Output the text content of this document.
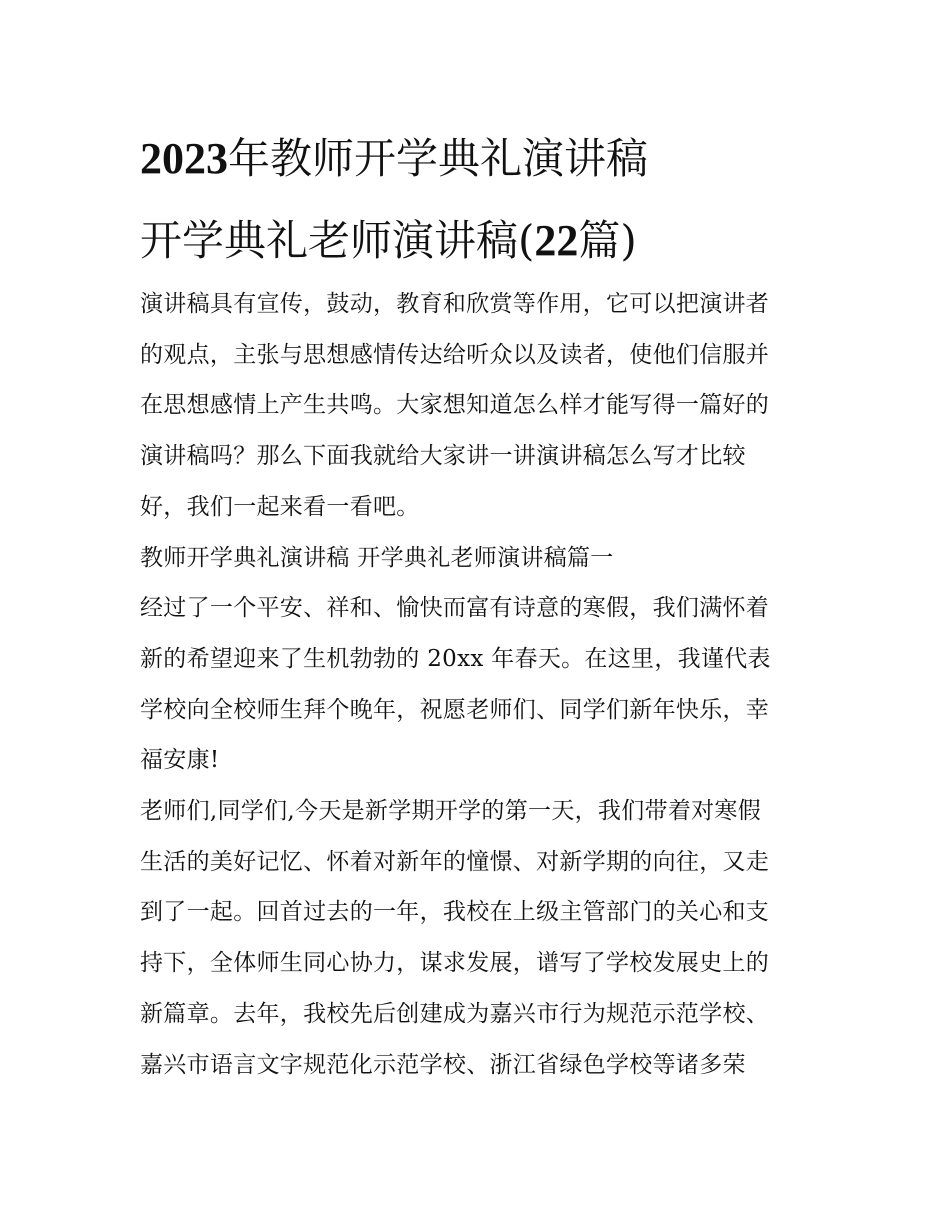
2023年教师开学典礼演讲稿
开学典礼老师演讲稿(22篇)

演讲稿具有宣传，鼓动，教育和欣赏等作用，它可以把演讲者
的观点，主张与思想感情传达给听众以及读者，使他们信服并
在思想感情上产生共鸣。大家想知道怎么样才能写得一篇好的
演讲稿吗？那么下面我就给大家讲一讲演讲稿怎么写才比较
好，我们一起来看一看吧。

教师开学典礼演讲稿 开学典礼老师演讲稿篇一

经过了一个平安、祥和、愉快而富有诗意的寒假，我们满怀着
新的希望迎来了生机勃勃的 20xx 年春天。在这里，我谨代表
学校向全校师生拜个晚年，祝愿老师们、同学们新年快乐，幸
福安康!

老师们,同学们,今天是新学期开学的第一天，我们带着对寒假
生活的美好记忆、怀着对新年的憧憬、对新学期的向往，又走
到了一起。回首过去的一年，我校在上级主管部门的关心和支
持下，全体师生同心协力，谋求发展，谱写了学校发展史上的
新篇章。去年，我校先后创建成为嘉兴市行为规范示范学校、
嘉兴市语言文字规范化示范学校、浙江省绿色学校等诸多荣
